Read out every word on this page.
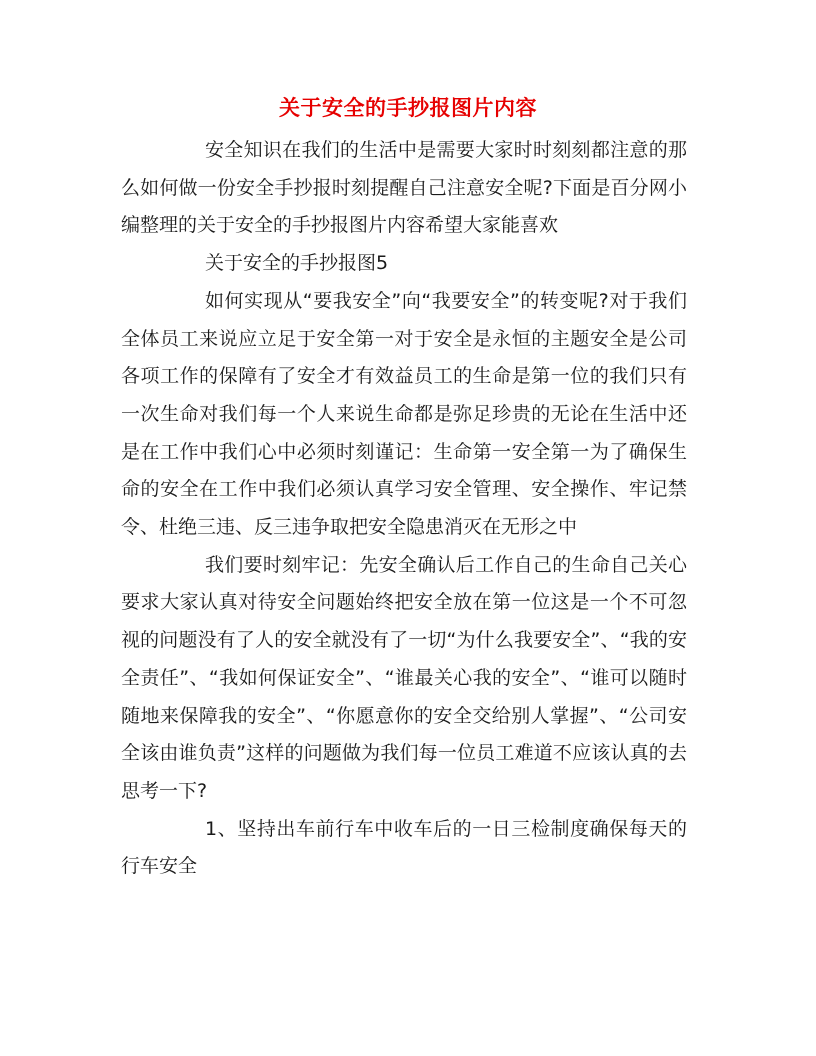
关于安全的手抄报图片内容

安全知识在我们的生活中是需要大家时时刻刻都注意的那么如何做一份安全手抄报时刻提醒自己注意安全呢?下面是百分网小编整理的关于安全的手抄报图片内容希望大家能喜欢

关于安全的手抄报图5

如何实现从“要我安全”向“我要安全”的转变呢?对于我们全体员工来说应立足于安全第一对于安全是永恒的主题安全是公司各项工作的保障有了安全才有效益员工的生命是第一位的我们只有一次生命对我们每一个人来说生命都是弥足珍贵的无论在生活中还是在工作中我们心中必须时刻谨记：生命第一安全第一为了确保生命的安全在工作中我们必须认真学习安全管理、安全操作、牢记禁令、杜绝三违、反三违争取把安全隐患消灭在无形之中

我们要时刻牢记：先安全确认后工作自己的生命自己关心要求大家认真对待安全问题始终把安全放在第一位这是一个不可忽视的问题没有了人的安全就没有了一切“为什么我要安全”、“我的安全责任”、“我如何保证安全”、“谁最关心我的安全”、“谁可以随时随地来保障我的安全”、“你愿意你的安全交给别人掌握”、“公司安全该由谁负责”这样的问题做为我们每一位员工难道不应该认真的去思考一下?

1、坚持出车前行车中收车后的一日三检制度确保每天的行车安全
